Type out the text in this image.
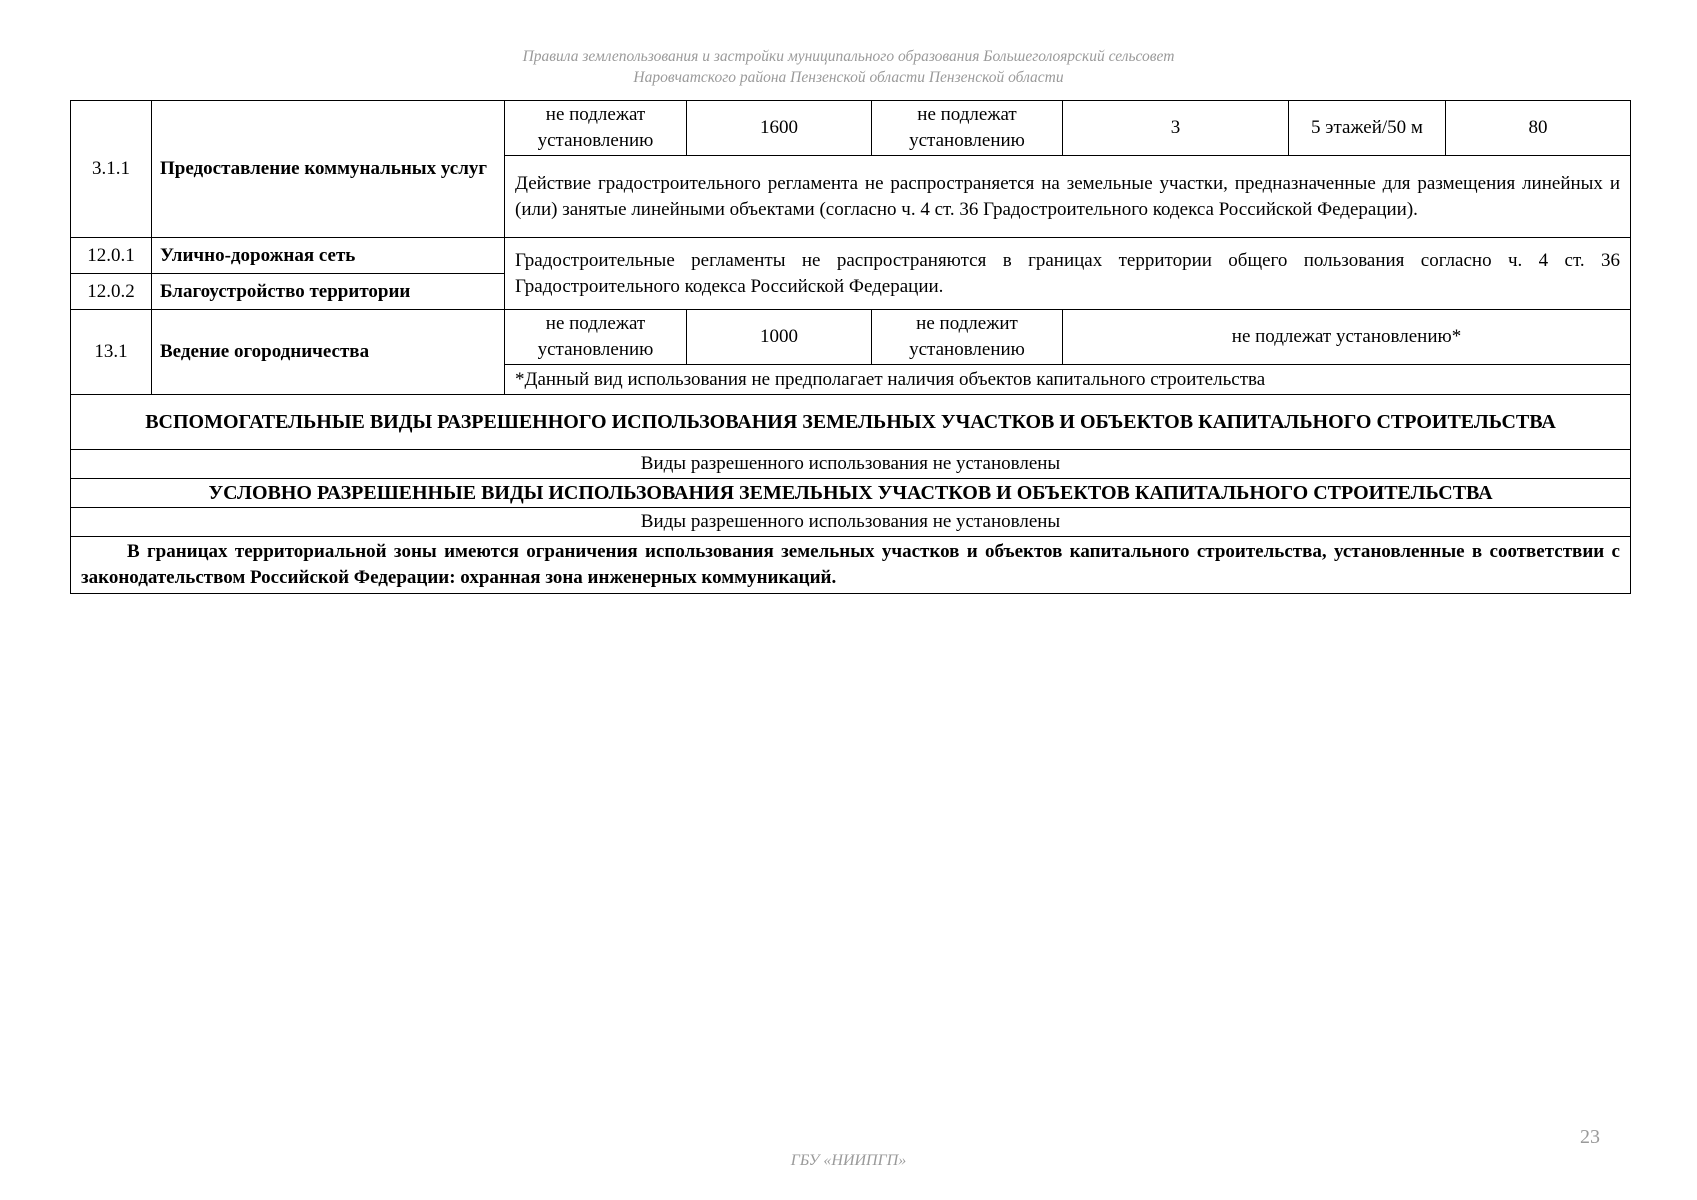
Правила землепользования и застройки муниципального образования Большеголоярский сельсовет
Наровчатского района Пензенской области Пензенской области
3.1.1	Предоставление коммунальных услуг	не подлежат установлению	1600	не подлежат установлению	3	5 этажей/50 м	80
		Действие градостроительного регламента не распространяется на земельные участки, предназначенные для размещения линейных и (или) занятые линейными объектами (согласно ч. 4 ст. 36 Градостроительного кодекса Российской Федерации).					
12.0.1	Улично-дорожная сеть	Градостроительные регламенты не распространяются в границах территории общего пользования согласно ч. 4 ст. 36 Градостроительного кодекса Российской Федерации.					
12.0.2	Благоустройство территории						
13.1	Ведение огородничества	не подлежат установлению	1000	не подлежит установлению	не подлежат установлению*		
		*Данный вид использования не предполагает наличия объектов капитального строительства					
ВСПОМОГАТЕЛЬНЫЕ ВИДЫ РАЗРЕШЕННОГО ИСПОЛЬЗОВАНИЯ ЗЕМЕЛЬНЫХ УЧАСТКОВ И ОБЪЕКТОВ КАПИТАЛЬНОГО СТРОИТЕЛЬСТВА							
Виды разрешенного использования не установлены							
УСЛОВНО РАЗРЕШЕННЫЕ ВИДЫ ИСПОЛЬЗОВАНИЯ ЗЕМЕЛЬНЫХ УЧАСТКОВ И ОБЪЕКТОВ КАПИТАЛЬНОГО СТРОИТЕЛЬСТВА							
Виды разрешенного использования не установлены							
В границах территориальной зоны имеются ограничения использования земельных участков и объектов капитального строительства, установленные в соответствии с законодательством Российской Федерации: охранная зона инженерных коммуникаций.							
23
ГБУ «НИИПГП»
